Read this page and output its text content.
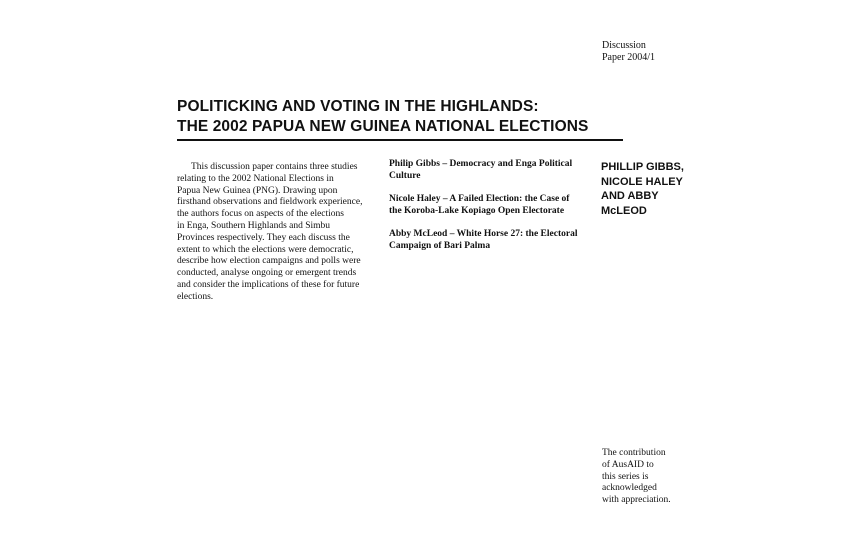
Discussion
Paper 2004/1
POLITICKING AND VOTING IN THE HIGHLANDS:
THE 2002 PAPUA NEW GUINEA NATIONAL ELECTIONS
This discussion paper contains three studies
relating to the 2002 National Elections in
Papua New Guinea (PNG). Drawing upon
firsthand observations and fieldwork experience,
the authors focus on aspects of the elections
in Enga, Southern Highlands and Simbu
Provinces respectively. They each discuss the
extent to which the elections were democratic,
describe how election campaigns and polls were
conducted, analyse ongoing or emergent trends
and consider the implications of these for future
elections.
Philip Gibbs – Democracy and Enga Political
Culture
Nicole Haley – A Failed Election: the Case of
the Koroba-Lake Kopiago Open Electorate
Abby McLeod – White Horse 27: the Electoral
Campaign of Bari Palma
PHILLIP GIBBS,
NICOLE HALEY
AND ABBY
McLEOD
The contribution
of AusAID to
this series is
acknowledged
with appreciation.
